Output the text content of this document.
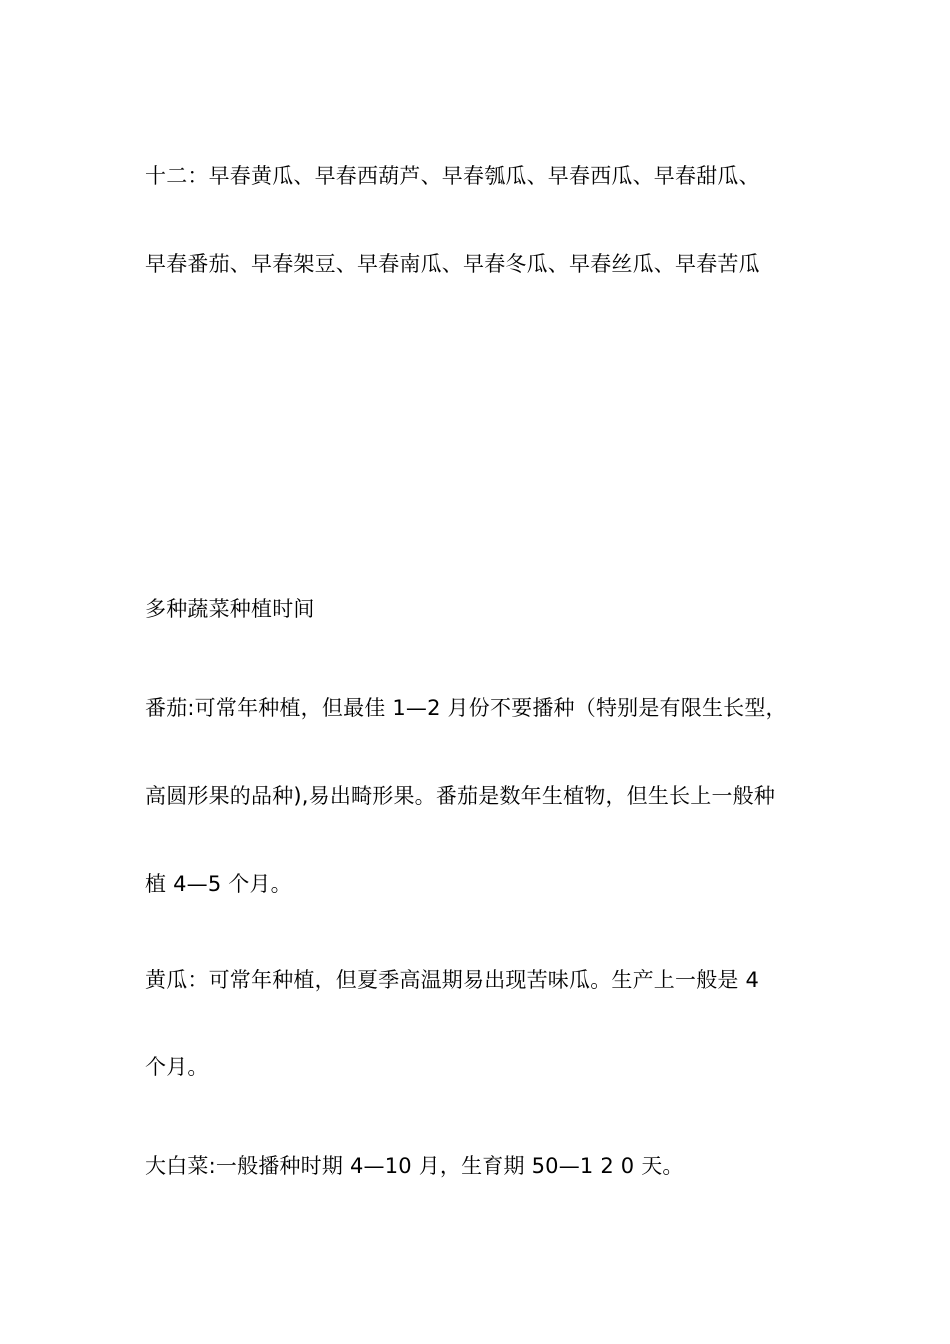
十二：早春黄瓜、早春西葫芦、早春瓠瓜、早春西瓜、早春甜瓜、
早春番茄、早春架豆、早春南瓜、早春冬瓜、早春丝瓜、早春苦瓜
多种蔬菜种植时间
番茄:可常年种植，但最佳 1—2 月份不要播种（特别是有限生长型，
高圆形果的品种),易出畸形果。番茄是数年生植物，但生长上一般种
植 4—5 个月。
黄瓜：可常年种植，但夏季高温期易出现苦味瓜。生产上一般是 4
个月。
大白菜:一般播种时期 4—10 月，生育期 50—1 2 0 天。
